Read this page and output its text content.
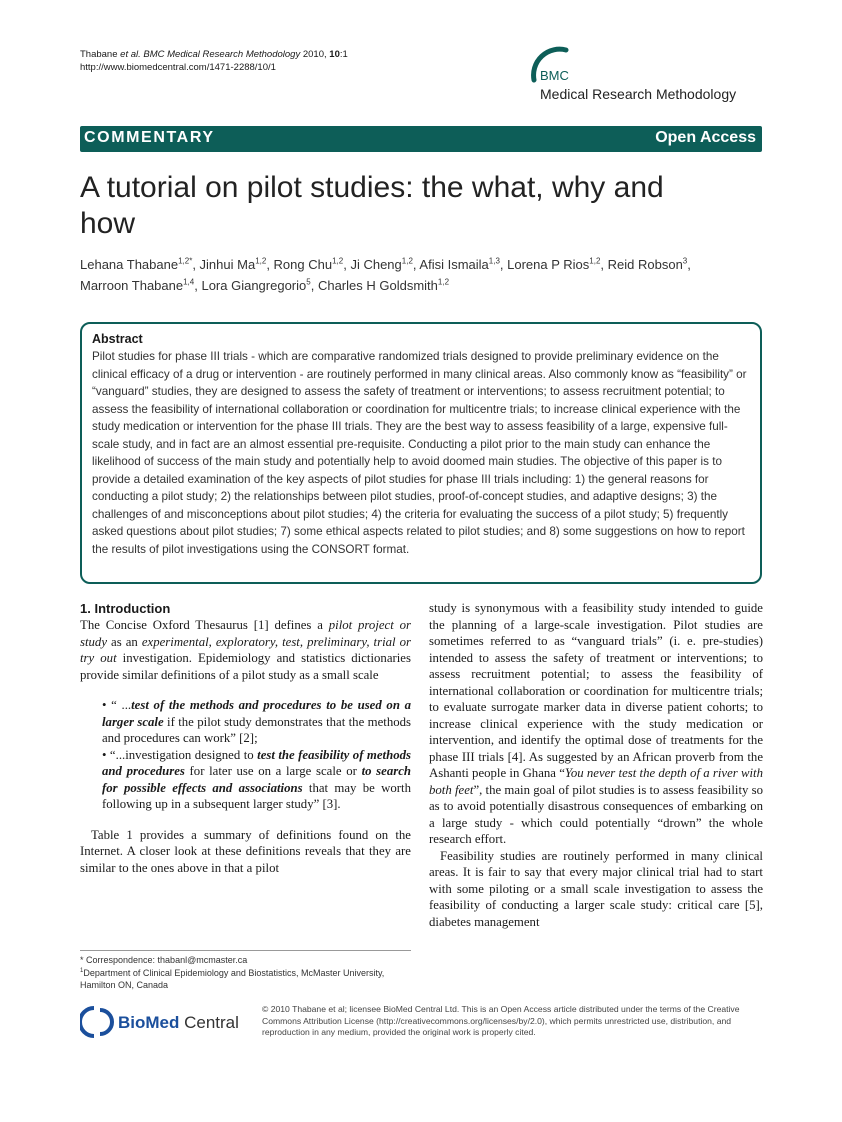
Thabane et al. BMC Medical Research Methodology 2010, 10:1
http://www.biomedcentral.com/1471-2288/10/1
BMC
Medical Research Methodology
COMMENTARY	Open Access
A tutorial on pilot studies: the what, why and
how
Lehana Thabane$^{1,2*}$, Jinhui Ma$^{1,2}$, Rong Chu$^{1,2}$, Ji Cheng$^{1,2}$, Afisi Ismaila$^{1,3}$, Lorena P Rios$^{1,2}$, Reid Robson$^3$,
Marroon Thabane$^{1,4}$, Lora Giangregorio$^5$, Charles H Goldsmith$^{1,2}$
Abstract

Pilot studies for phase III trials - which are comparative randomized trials designed to provide preliminary evidence on the clinical efficacy of a drug or intervention - are routinely performed in many clinical areas. Also commonly know as “feasibility” or “vanguard” studies, they are designed to assess the safety of treatment or interventions; to assess recruitment potential; to assess the feasibility of international collaboration or coordination for multicentre trials; to increase clinical experience with the study medication or intervention for the phase III trials. They are the best way to assess feasibility of a large, expensive full-scale study, and in fact are an almost essential pre-requisite. Conducting a pilot prior to the main study can enhance the likelihood of success of the main study and potentially help to avoid doomed main studies. The objective of this paper is to provide a detailed examination of the key aspects of pilot studies for phase III trials including: 1) the general reasons for conducting a pilot study; 2) the relationships between pilot studies, proof-of-concept studies, and adaptive designs; 3) the challenges of and misconceptions about pilot studies; 4) the criteria for evaluating the success of a pilot study; 5) frequently asked questions about pilot studies; 7) some ethical aspects related to pilot studies; and 8) some suggestions on how to report the results of pilot investigations using the CONSORT format.

1. Introduction

The Concise Oxford Thesaurus [1] defines a pilot project or study as an experimental, exploratory, test, preliminary, trial or try out investigation. Epidemiology and statistics dictionaries provide similar definitions of a pilot study as a small scale

• “ ...test of the methods and procedures to be used on a larger scale if the pilot study demonstrates that the methods and procedures can work” [2];

• “...investigation designed to test the feasibility of methods and procedures for later use on a large scale or to search for possible effects and associations that may be worth following up in a subsequent larger study” [3].

Table 1 provides a summary of definitions found on the Internet. A closer look at these definitions reveals that they are similar to the ones above in that a pilot

study is synonymous with a feasibility study intended to guide the planning of a large-scale investigation. Pilot studies are sometimes referred to as “vanguard trials” (i. e. pre-studies) intended to assess the safety of treatment or interventions; to assess recruitment potential; to assess the feasibility of international collaboration or coordination for multicentre trials; to evaluate surrogate marker data in diverse patient cohorts; to increase clinical experience with the study medication or intervention, and identify the optimal dose of treatments for the phase III trials [4]. As suggested by an African proverb from the Ashanti people in Ghana “You never test the depth of a river with both feet”, the main goal of pilot studies is to assess feasibility so as to avoid potentially disastrous consequences of embarking on a large study - which could potentially “drown” the whole research effort.

Feasibility studies are routinely performed in many clinical areas. It is fair to say that every major clinical trial had to start with some piloting or a small scale investigation to assess the feasibility of conducting a larger scale study: critical care [5], diabetes management

* Correspondence: thabanl@mcmaster.ca
$^1$Department of Clinical Epidemiology and Biostatistics, McMaster University, Hamilton ON, Canada
BioMed Central
© 2010 Thabane et al; licensee BioMed Central Ltd. This is an Open Access article distributed under the terms of the Creative Commons Attribution License (http://creativecommons.org/licenses/by/2.0), which permits unrestricted use, distribution, and reproduction in any medium, provided the original work is properly cited.
